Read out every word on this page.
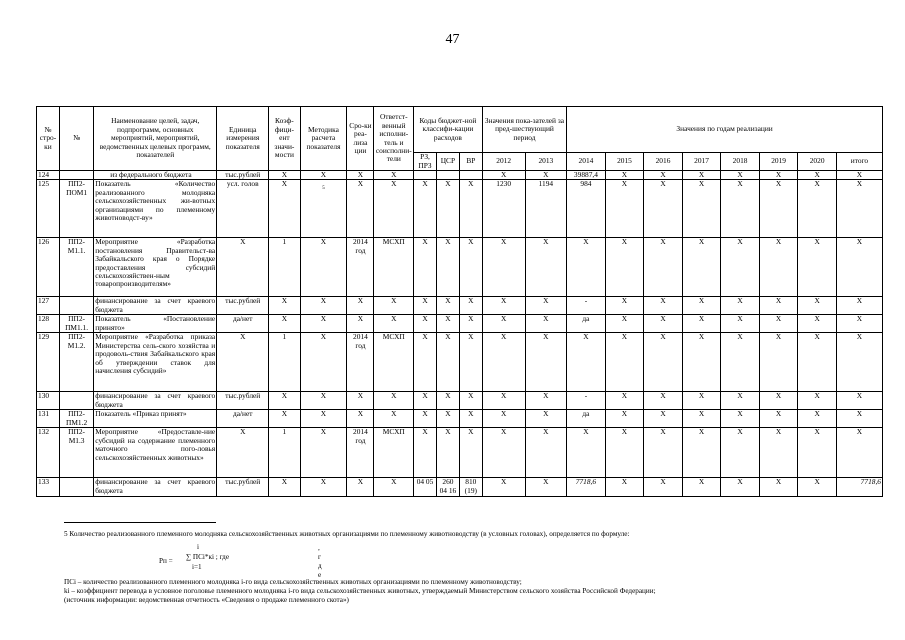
47
№ стро-ки	№	Наименование целей, задач, подпрограмм, основных мероприятий, мероприятий, ведомственных целевых программ, показателей	Единица измерения показателя	Коэф-фици-ент значи-мости	Методика расчета показателя	Сро-ки реа-лиза ции	Ответст-венный исполни-тель и соисполни-тели	Коды бюджет-ной классифи-кации расходов			Значения пока-зателей за пред-шествующий период		Значения по годам реализации							
								РЗ, ПРЗ	ЦСР	ВР	2012	2013	2014	2015	2016	2017	2018	2019	2020	итого
124		из федерального бюджета	тыс.рублей	Х	Х	Х	Х				Х	Х	39887,4	Х	Х	Х	Х	Х	Х	Х
125	ПП2-ПОМ1	Показатель «Количество реализованного молодняка сельскохозяйственных жи-вотных организациями по племенному животноводст-ву»	усл. голов	Х	5	Х	Х	Х	Х	Х	1230	1194	984	Х	Х	Х	Х	Х	Х	Х
126	ПП2-М1.1.	Мероприятие «Разработка постановления Правительст-ва Забайкальского края о Порядке предоставления субсидий сельскохозяйствен-ным товаропроизводителям»	Х	1	Х	2014 год	МСХП	Х	Х	Х	Х	Х	Х	Х	Х	Х	Х	Х	Х	Х
127		финансирование за счет краевого бюджета	тыс.рублей	Х	Х	Х	Х	Х	Х	Х	Х	Х	-	Х	Х	Х	Х	Х	Х	Х
128	ПП2-ПМ1.1.	Показатель «Постановление принято»	да/нет	Х	Х	Х	Х	Х	Х	Х	Х	Х	да	Х	Х	Х	Х	Х	Х	Х
129	ПП2-М1.2.	Мероприятие «Разработка приказа Министерства сель-ского хозяйства и продоволь-ствия Забайкальского края об утверждении ставок для начисления субсидий»	Х	1	Х	2014 год	МСХП	Х	Х	Х	Х	Х	Х	Х	Х	Х	Х	Х	Х	Х
130		финансирование за счет краевого бюджета	тыс.рублей	Х	Х	Х	Х	Х	Х	Х	Х	Х	-	Х	Х	Х	Х	Х	Х	Х
131	ПП2-ПМ1.2	Показатель «Приказ принят»	да/нет	Х	Х	Х	Х	Х	Х	Х	Х	Х	да	Х	Х	Х	Х	Х	Х	Х
132	ПП2-М1.3	Мероприятие «Предоставле-ние субсидий на содержание племенного маточного пого-ловья сельскохозяйственных животных»	Х	1	Х	2014 год	МСХП	Х	Х	Х	Х	Х	Х	Х	Х	Х	Х	Х	Х	Х
133		финансирование за счет краевого бюджета	тыс.рублей	Х	Х	Х	Х	04 05	260 04 16	810 (19)	Х	Х	7718,6	Х	Х	Х	Х	Х	Х	7718,6
5 Количество реализованного племенного молодняка сельскохозяйственных животных организациями по племенному животноводству (в условных головах), определяется по формуле:
i
Рп = ∑ ПСі*кі ; где
i=1
, г д е
ПСі – количество реализованного племенного молодняка i-го вида сельскохозяйственных животных организациями по племенному животноводству;
kі – коэффициент перевода в условное поголовье племенного молодняка i-го вида сельскохозяйственных животных, утверждаемый Министерством сельского хозяйства Российской Федерации;
(источник информации: ведомственная отчетность «Сведения о продаже племенного скота»)
